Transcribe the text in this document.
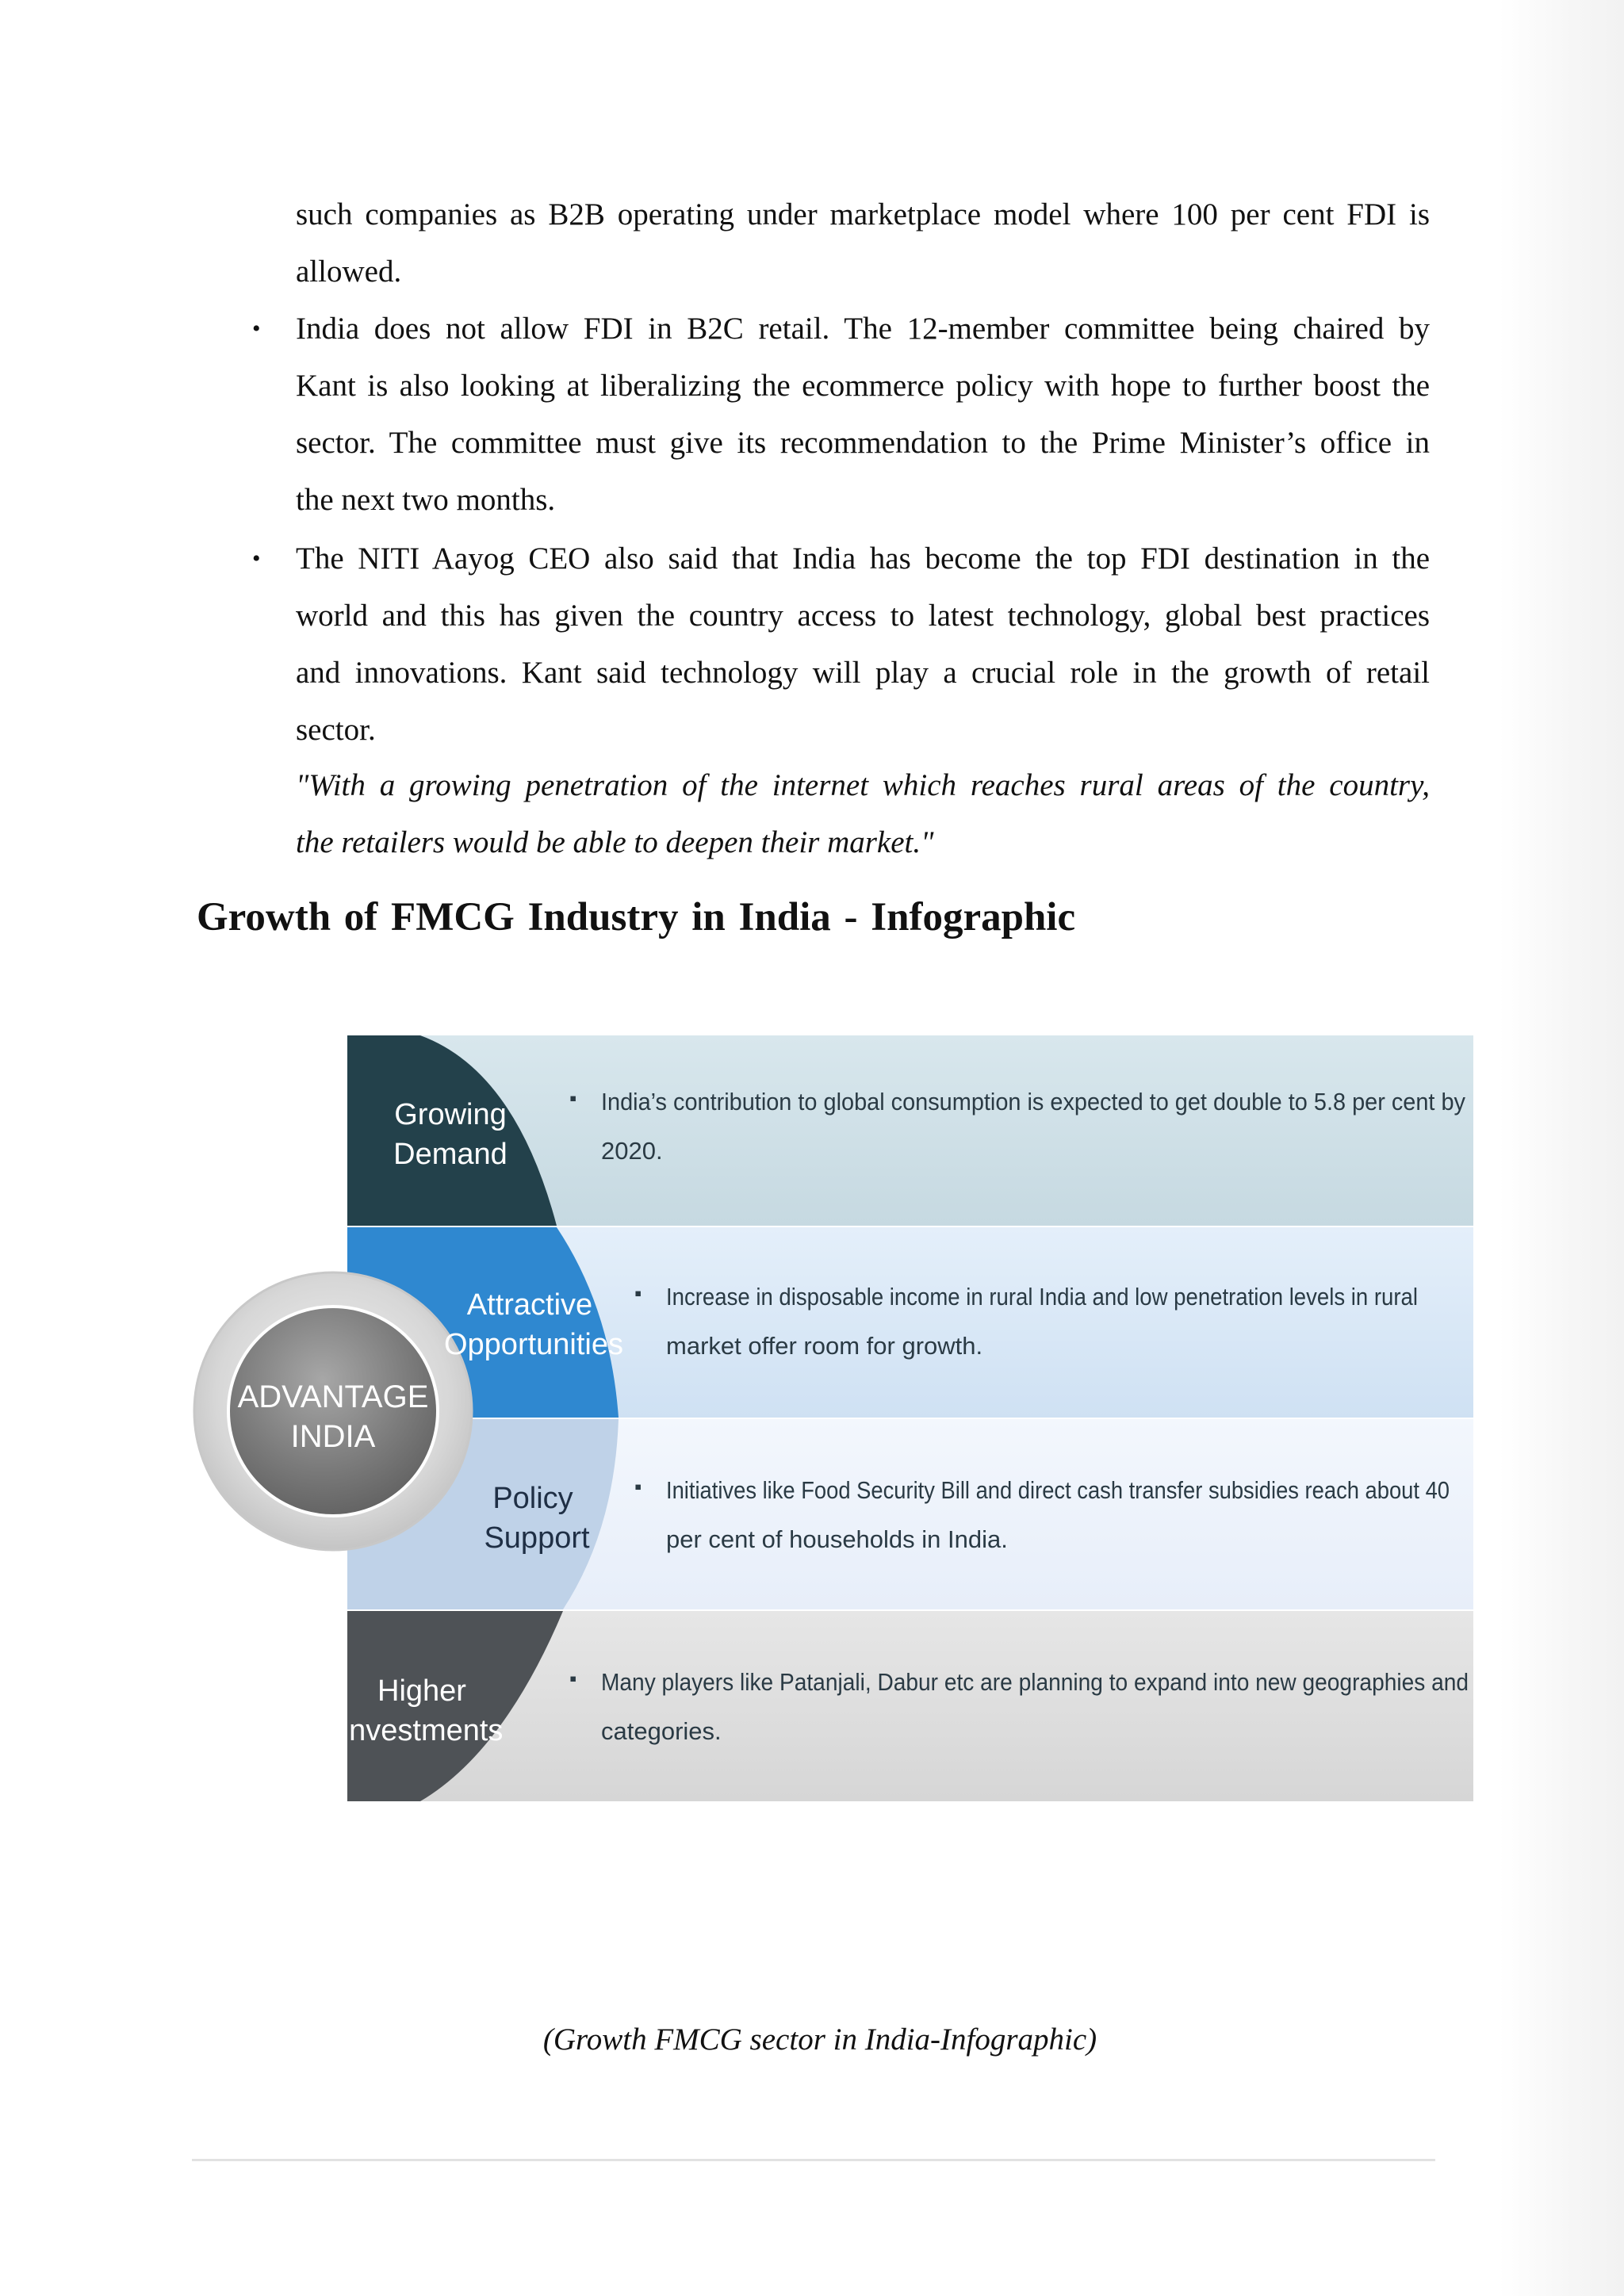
such companies as B2B operating under marketplace model where 100 per cent FDI is
allowed.
• India does not allow FDI in B2C retail. The 12-member committee being chaired by
Kant is also looking at liberalizing the ecommerce policy with hope to further boost the
sector. The committee must give its recommendation to the Prime Minister’s office in
the next two months.
• The NITI Aayog CEO also said that India has become the top FDI destination in the
world and this has given the country access to latest technology, global best practices
and innovations. Kant said technology will play a crucial role in the growth of retail
sector.
"With a growing penetration of the internet which reaches rural areas of the country,
the retailers would be able to deepen their market."
Growth of FMCG Industry in India - Infographic
ADVANTAGE
INDIA
Growing
Demand
Attractive
Opportunities
Policy
Support
Higher
Investments
▪ India’s contribution to global consumption is expected to get double to 5.8 per cent by
2020.
▪ Increase in disposable income in rural India and low penetration levels in rural
market offer room for growth.
▪ Initiatives like Food Security Bill and direct cash transfer subsidies reach about 40
per cent of households in India.
▪ Many players like Patanjali, Dabur etc are planning to expand into new geographies and
categories.
(Growth FMCG sector in India-Infographic)
